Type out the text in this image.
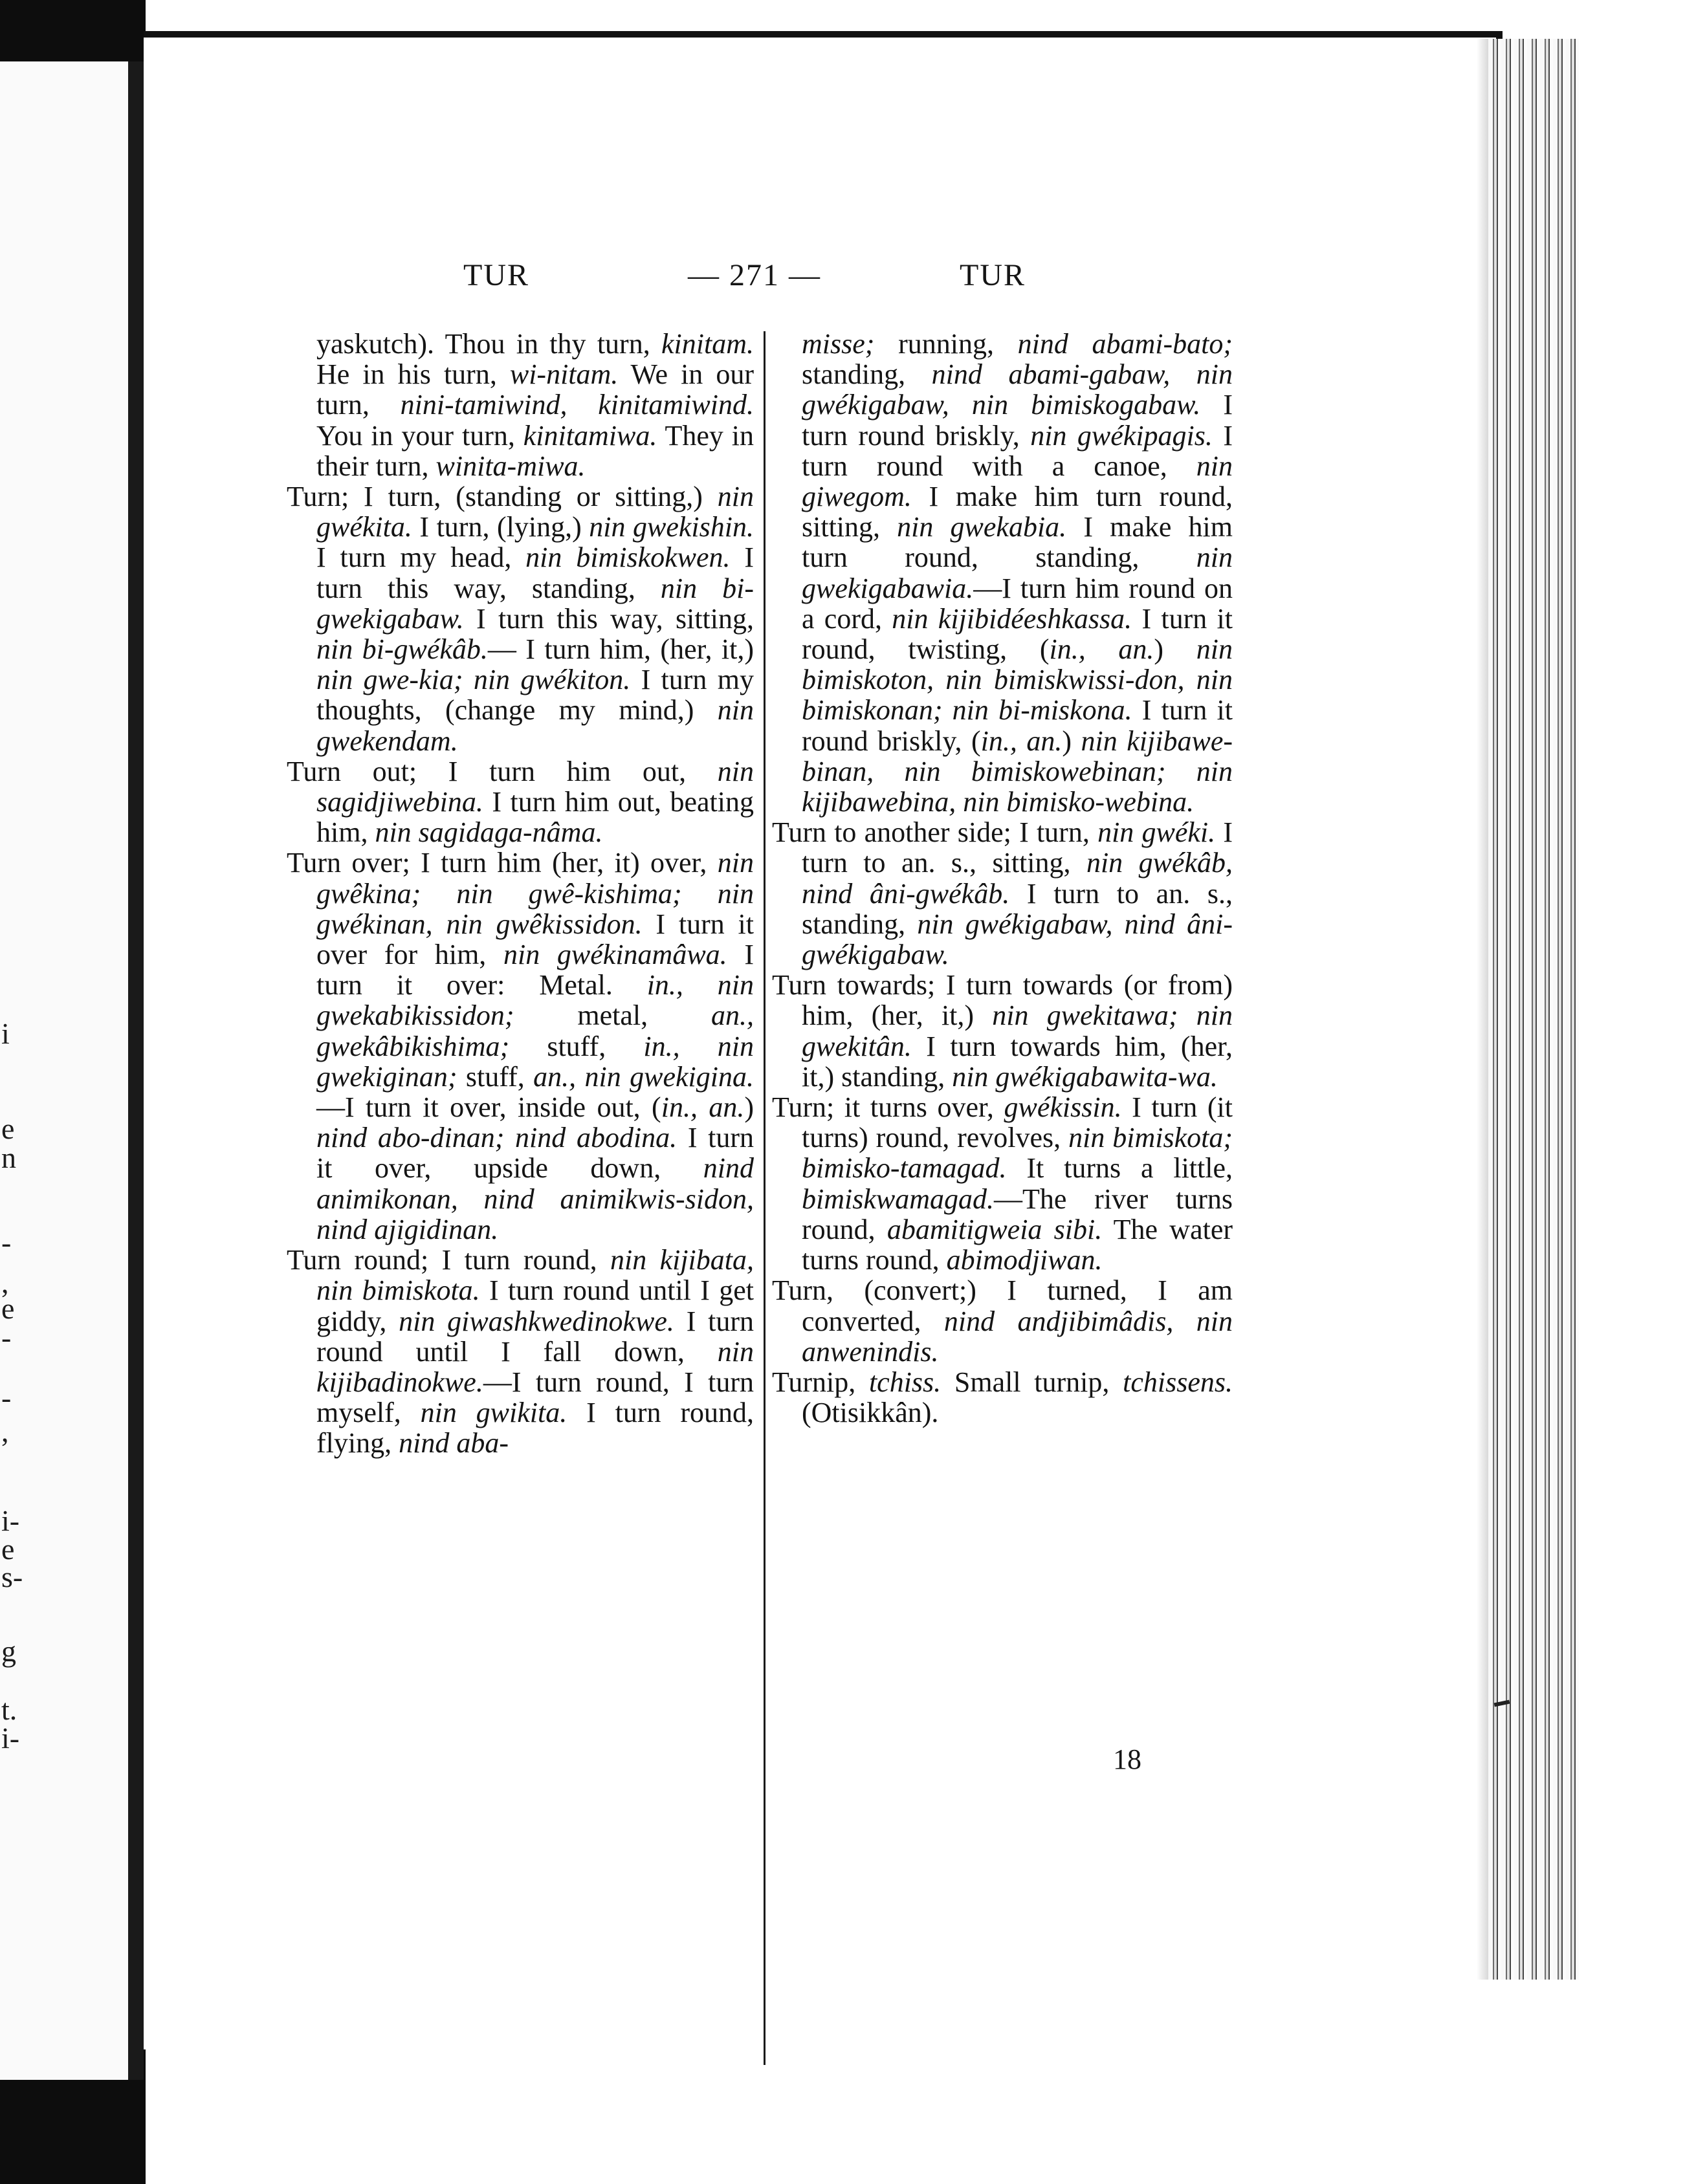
i
e
n
-
,
e
-
-
,
i-
e
s-
g
t.
i-
TUR	— 271 —	TUR

yaskutch). Thou in thy turn, kinitam. He in his turn, wi-nitam. We in our turn, nini-tamiwind, kinitamiwind. You in your turn, kinitamiwa. They in their turn, winita-miwa.

Turn; I turn, (standing or sitting,) nin gwékita. I turn, (lying,) nin gwekishin. I turn my head, nin bimiskokwen. I turn this way, standing, nin bi-gwekigabaw. I turn this way, sitting, nin bi-gwékâb.— I turn him, (her, it,) nin gwe-kia; nin gwékiton. I turn my thoughts, (change my mind,) nin gwekendam.

Turn out; I turn him out, nin sagidjiwebina. I turn him out, beating him, nin sagidaga-nâma.

Turn over; I turn him (her, it) over, nin gwêkina; nin gwê-kishima; nin gwékinan, nin gwêkissidon. I turn it over for him, nin gwékinamâwa. I turn it over: Metal. in., nin gwekabikissidon; metal, an., gwekâbikishima; stuff, in., nin gwekiginan; stuff, an., nin gwekigina.—I turn it over, inside out, (in., an.) nind abo-dinan; nind abodina. I turn it over, upside down, nind animikonan, nind animikwis-sidon, nind ajigidinan.

Turn round; I turn round, nin kijibata, nin bimiskota. I turn round until I get giddy, nin giwashkwedinokwe. I turn round until I fall down, nin kijibadinokwe.—I turn round, I turn myself, nin gwikita. I turn round, flying, nind aba-

misse; running, nind abami-bato; standing, nind abami-gabaw, nin gwékigabaw, nin bimiskogabaw. I turn round briskly, nin gwékipagis. I turn round with a canoe, nin giwegom. I make him turn round, sitting, nin gwekabia. I make him turn round, standing, nin gwekigabawia.—I turn him round on a cord, nin kijibidéeshkassa. I turn it round, twisting, (in., an.) nin bimiskoton, nin bimiskwissi-don, nin bimiskonan; nin bi-miskona. I turn it round briskly, (in., an.) nin kijibawe-binan, nin bimiskowebinan; nin kijibawebina, nin bimisko-webina.

Turn to another side; I turn, nin gwéki. I turn to an. s., sitting, nin gwékâb, nind âni-gwékâb. I turn to an. s., standing, nin gwékigabaw, nind âni-gwékigabaw.

Turn towards; I turn towards (or from) him, (her, it,) nin gwekitawa; nin gwekitân. I turn towards him, (her, it,) standing, nin gwékigabawita-wa.

Turn; it turns over, gwékissin. I turn (it turns) round, revolves, nin bimiskota; bimisko-tamagad. It turns a little, bimiskwamagad.—The river turns round, abamitigweia sibi. The water turns round, abimodjiwan.

Turn, (convert;) I turned, I am converted, nind andjibimâdis, nin anwenindis.

Turnip, tchiss. Small turnip, tchissens. (Otisikkân).

18
